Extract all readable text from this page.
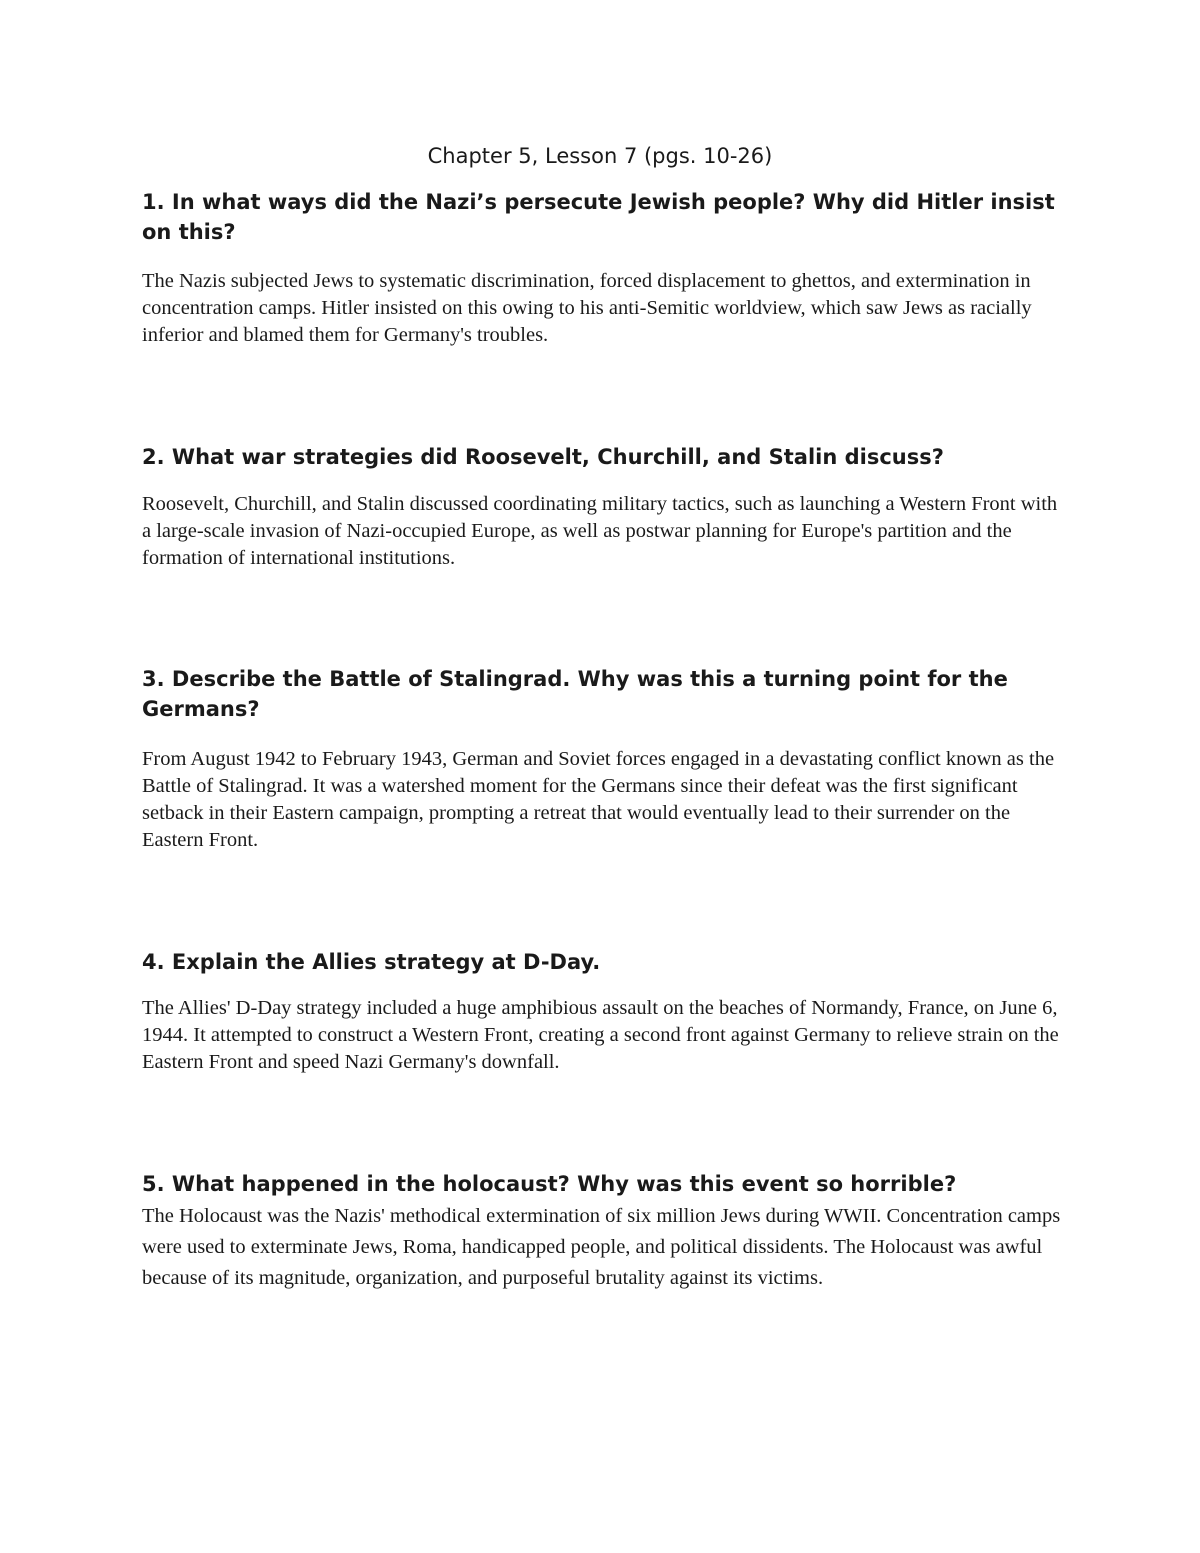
Chapter 5, Lesson 7 (pgs. 10-26)
1. In what ways did the Nazi’s persecute Jewish people? Why did Hitler insist on this?

The Nazis subjected Jews to systematic discrimination, forced displacement to ghettos, and extermination in concentration camps. Hitler insisted on this owing to his anti-Semitic worldview, which saw Jews as racially inferior and blamed them for Germany's troubles.

2. What war strategies did Roosevelt, Churchill, and Stalin discuss?

Roosevelt, Churchill, and Stalin discussed coordinating military tactics, such as launching a Western Front with a large-scale invasion of Nazi-occupied Europe, as well as postwar planning for Europe's partition and the formation of international institutions.

3. Describe the Battle of Stalingrad. Why was this a turning point for the Germans?

From August 1942 to February 1943, German and Soviet forces engaged in a devastating conflict known as the Battle of Stalingrad. It was a watershed moment for the Germans since their defeat was the first significant setback in their Eastern campaign, prompting a retreat that would eventually lead to their surrender on the Eastern Front.

4. Explain the Allies strategy at D-Day.

The Allies' D-Day strategy included a huge amphibious assault on the beaches of Normandy, France, on June 6, 1944. It attempted to construct a Western Front, creating a second front against Germany to relieve strain on the Eastern Front and speed Nazi Germany's downfall.

5. What happened in the holocaust? Why was this event so horrible?

The Holocaust was the Nazis' methodical extermination of six million Jews during WWII. Concentration camps were used to exterminate Jews, Roma, handicapped people, and political dissidents. The Holocaust was awful because of its magnitude, organization, and purposeful brutality against its victims.
